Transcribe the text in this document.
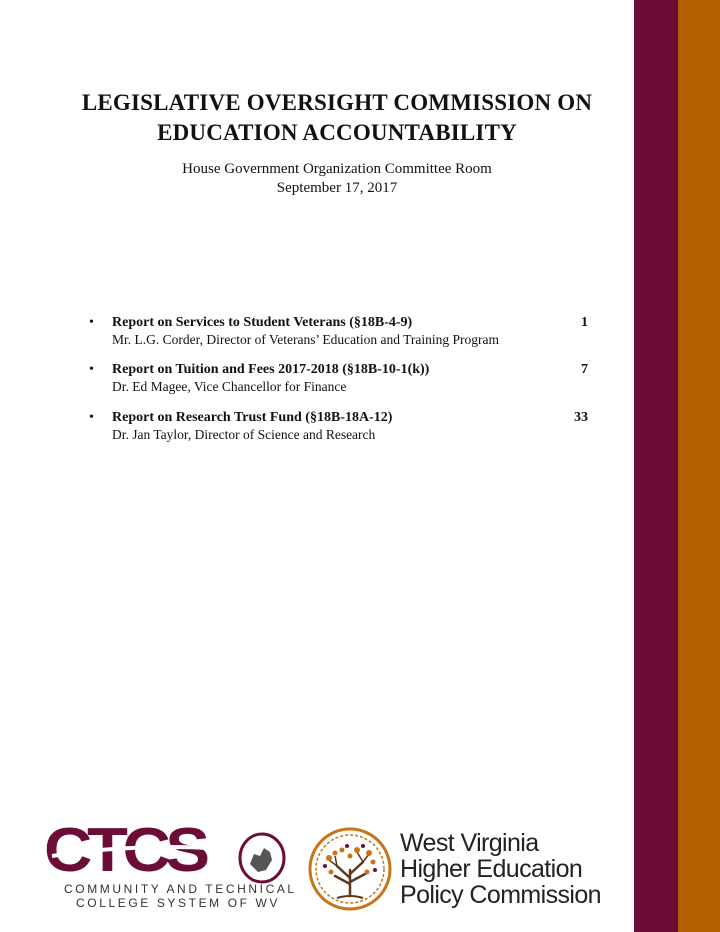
LEGISLATIVE OVERSIGHT COMMISSION ON
EDUCATION ACCOUNTABILITY
House Government Organization Committee Room
September 17, 2017
• Report on Services to Student Veterans (§18B-4-9)	1
Mr. L.G. Corder, Director of Veterans’ Education and Training Program
• Report on Tuition and Fees 2017-2018 (§18B-10-1(k))	7
Dr. Ed Magee, Vice Chancellor for Finance
• Report on Research Trust Fund (§18B-18A-12)	33
Dr. Jan Taylor, Director of Science and Research
CTCS
COMMUNITY AND TECHNICAL
COLLEGE SYSTEM OF WV
West Virginia
Higher Education
Policy Commission
